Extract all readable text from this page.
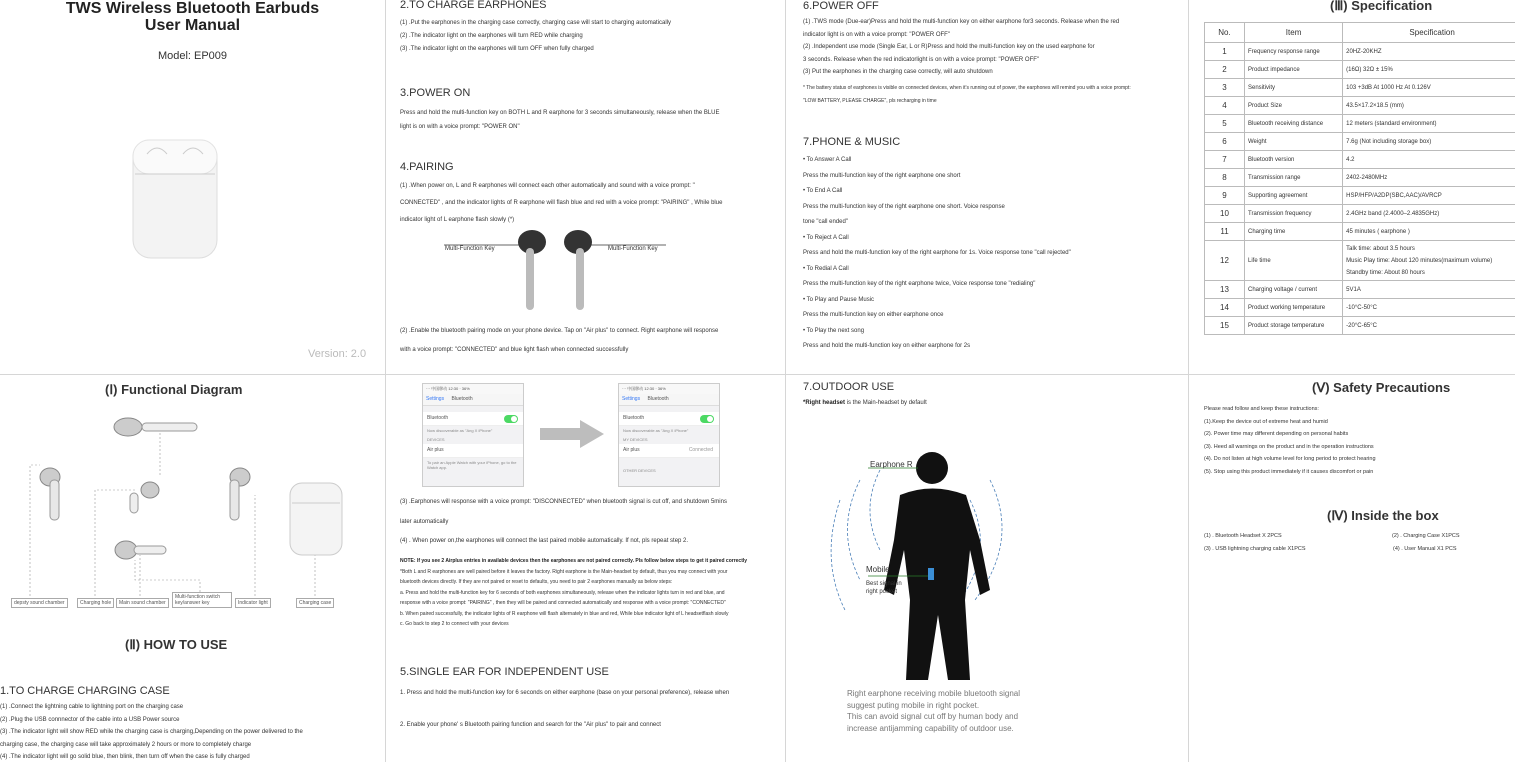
TWS Wireless Bluetooth Earbuds
User Manual
Model: EP009
Version: 2.0
2.TO CHARGE EARPHONES
(1) .Put the earphones in the charging case correctly, charging case will start to charging automatically
(2) .The indicator light on the earphones will turn RED while charging
(3) .The indicator light on the earphones will turn OFF when fully charged
3.POWER ON
Press and hold the multi-function key on BOTH L and R earphone for 3 seconds simultaneously, release when the BLUE
light is on with a voice prompt: "POWER ON"
4.PAIRING
(1) .When power on, L and R earphones will connect each other automatically and sound with a voice prompt: "
CONNECTED" , and the indicator lights of R earphone will flash blue and red with a voice prompt: "PAIRING" , While blue
indicator light of L earphone flash slowly (*)
Multi-Function Key	Multi-Function Key
(2) .Enable the bluetooth pairing mode on your phone device. Tap on "Air plus" to connect. Right earphone will response
with a voice prompt: "CONNECTED" and blue light flash when connected successfully
6.POWER OFF
(1) .TWS mode (Due-ear)Press and hold the multi-function key on either earphone for3 seconds. Release when the red
indicator light is on with a voice prompt: "POWER OFF"
(2) .Independent use mode (Single Ear, L or R)Press and hold the multi-function key on the used earphone for
3 seconds. Release when the red indicatorlight is on with a voice prompt: "POWER OFF"
(3) Put the earphones in the charging case correctly, will auto shutdown
* The battery status of earphones is visible on connected devices, when it's running out of power, the earphones will remind you with a voice prompt:
"LOW BATTERY, PLEASE CHARGE", pls recharging in time
7.PHONE & MUSIC
• To Answer A Call
Press the multi-function key of the right earphone one short
• To End A Call
Press the multi-function key of the right earphone one short. Voice response
tone "call ended"
• To Reject A Call
Press and hold the multi-function key of the right earphone for 1s. Voice response tone "call rejected"
• To Redial A Call
Press the multi-function key of the right earphone twice, Voice response tone "redialing"
• To Play and Pause Music
Press the multi-function key on either earphone once
• To Play the next song
Press and hold the multi-function key on either earphone for 2s
(Ⅲ) Specification
No.	Item	Specification
1	Frequency response range	20HZ-20KHZ
2	Product impedance	(16Ω) 32Ω ± 15%
3	Sensitivity	103 +3dB At 1000 Hz At 0.126V
4	Product Size	43.5×17.2×18.5 (mm)
5	Bluetooth receiving distance	12 meters (standard environment)
6	Weight	7.6g (Not including storage box)
7	Bluetooth version	4.2
8	Transmission range	2402-2480MHz
9	Supporting agreement	HSP/HFP/A2DP(SBC,AAC)/AVRCP
10	Transmission frequency	2.4GHz band (2.4000–2.4835GHz)
11	Charging time	45 minutes ( earphone )
12	Life time	Talk time: about 3.5 hours
Music Play time: About 120 minutes(maximum volume)
Standby time: About 80 hours

13	Charging voltage / current	5V1A
14	Product working temperature	-10°C-50°C
15	Product storage temperature	-20°C-65°C
(Ⅰ) Functional Diagram
depsty sound chamber	Charging hole	Main sound chamber
Multi-function switch key/answer key	Indicator light	Charging case
(Ⅱ) HOW TO USE
1.TO CHARGE CHARGING CASE
(1) .Connect the lightning cable to lightning port on the charging case
(2) .Plug the USB connnector of the cable into a USB Power source
(3) .The indicator light will show RED while the charging case is charging,Depending on the power delivered to the
charging case, the charging case will take approximately 2 hours or more to completely charge
(4) .The indicator light will go solid blue, then blink, then turn off when the case is fully charged
··· 中国移动 12:30 · 36%
Settings Bluetooth
Bluetooth
Now discoverable as "Ang X iPhone"
DEVICES
Air plus
To pair an Apple Watch with your iPhone, go to the Watch app.
··· 中国移动 12:30 · 36%
Settings Bluetooth
Bluetooth
Now discoverable as "Ang X iPhone"
MY DEVICES
Air plus	Connected
OTHER DEVICES
(3) .Earphones will response with a voice prompt: "DISCONNECTED" when bluetooth signal is cut off, and shutdown 5mins
later automatically
(4) . When power on,the earphones will connect the last paired mobile automatically. If not, pls repeat step 2.
NOTE: If you see 2 Airplus entries in available devices then the earphones are not paired correctly. Pls follow below steps to get it paired correctly
*Both L and R earphones are well paired before it leaves the factory. Right earphone is the Main-headset by default, thus you may connect with your
bluetooth devices directly. If they are not paired or reset to defaults, you need to pair 2 earphones manually as below steps:
a. Press and hold the multi-function key for 6 seconds of both earphones simultaneously, release when the indicator lights turn in red and blue, and
response with a voice prompt: "PAIRING" , then they will be paired and connected automatically and response with a voice prompt: "CONNECTED"
b. When paired successfully, the indicator lights of R earphone will flash alternately in blue and red, While blue indicator light of L headsetflash slowly
c. Go back to step 2 to connect with your devices
5.SINGLE EAR FOR INDEPENDENT USE
1. Press and hold the multi-function key for 6 seconds on either earphone (base on your personal preference), release when
the earphone are well paired before it leaves the factory.
2. Enable your phone' s Bluetooth pairing function and search for the "Air plus" to pair and connect
7.OUTDOOR USE
*Right headset is the Main-headset by default
Earphone R
Mobile
Best signal in
right pocket
Right earphone receiving mobile bluetooth signal
suggest puting mobile in right pocket.
This can avoid signal cut off by human body and
increase antijamming capability of outdoor use.
(Ⅴ) Safety Precautions
Please read follow and keep these instructions:
(1).Keep the device out of extreme heat and humid
(2). Power time may different depending on personal habits
(3). Heed all warnings on the product and in the operation instructions
(4). Do not listen at high volume level for long period to protect hearing
(5). Stop using this product immediately if it causes discomfort or pain
(Ⅳ) Inside the box
(1) . Bluetooth Headset X 2PCS	(2) . Charging Case X1PCS
(3) . USB lightning charging cable X1PCS	(4) . User Manual X1 PCS
